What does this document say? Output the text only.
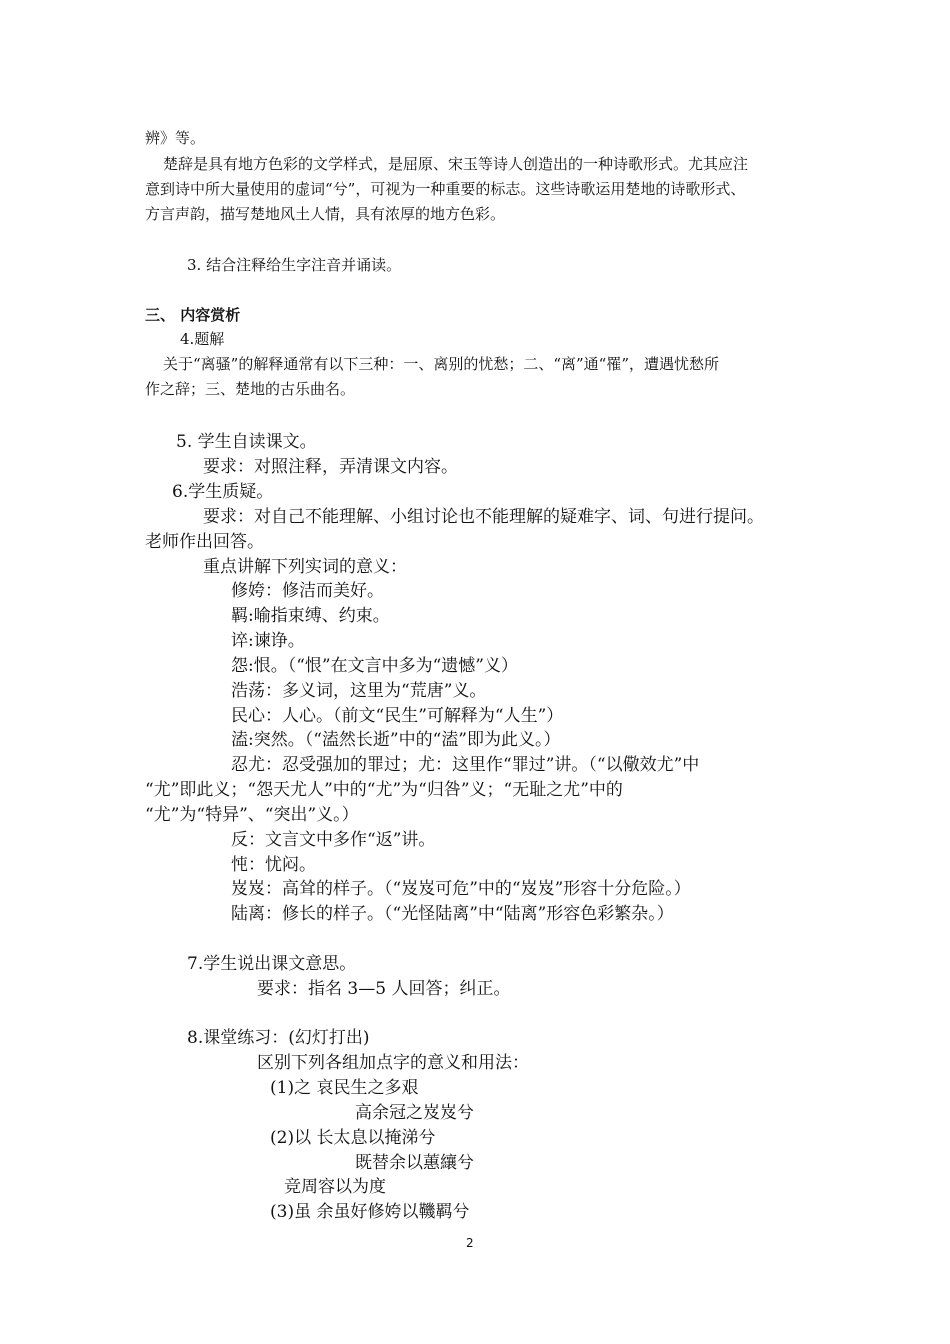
辨》等。
楚辞是具有地方色彩的文学样式，是屈原、宋玉等诗人创造出的一种诗歌形式。尤其应注
意到诗中所大量使用的虚词“兮”，可视为一种重要的标志。这些诗歌运用楚地的诗歌形式、
方言声韵，描写楚地风土人情，具有浓厚的地方色彩。
3. 结合注释给生字注音并诵读。
三、 内容赏析
4.题解
关于“离骚”的解释通常有以下三种：一、离别的忧愁；二、“离”通“罹”，遭遇忧愁所
作之辞；三、楚地的古乐曲名。
5. 学生自读课文。
要求：对照注释，弄清课文内容。
6.学生质疑。
要求：对自己不能理解、小组讨论也不能理解的疑难字、词、句进行提问。
老师作出回答。
重点讲解下列实词的意义：
修姱：修洁而美好。
羁:喻指束缚、约束。
谇:谏诤。
怨:恨。（“恨”在文言中多为“遗憾”义）
浩荡：多义词，这里为“荒唐”义。
民心：人心。（前文“民生”可解释为“人生”）
溘:突然。（“溘然长逝”中的“溘”即为此义。）
忍尤：忍受强加的罪过；尤：这里作“罪过”讲。（“以儆效尤”中
“尤”即此义；“怨天尤人”中的“尤”为“归咎”义；“无耻之尤”中的
“尤”为“特异”、“突出”义。）
反：文言文中多作“返”讲。
忳：忧闷。
岌岌：高耸的样子。（“岌岌可危”中的“岌岌”形容十分危险。）
陆离：修长的样子。（“光怪陆离”中“陆离”形容色彩繁杂。）
7.学生说出课文意思。
要求：指名 3—5 人回答；纠正。
8.课堂练习：(幻灯打出)
区别下列各组加点字的意义和用法：
(1)之 哀民生之多艰
高余冠之岌岌兮
(2)以 长太息以掩涕兮
既替余以蕙纕兮
竞周容以为度
(3)虽 余虽好修姱以鞿羁兮
2
